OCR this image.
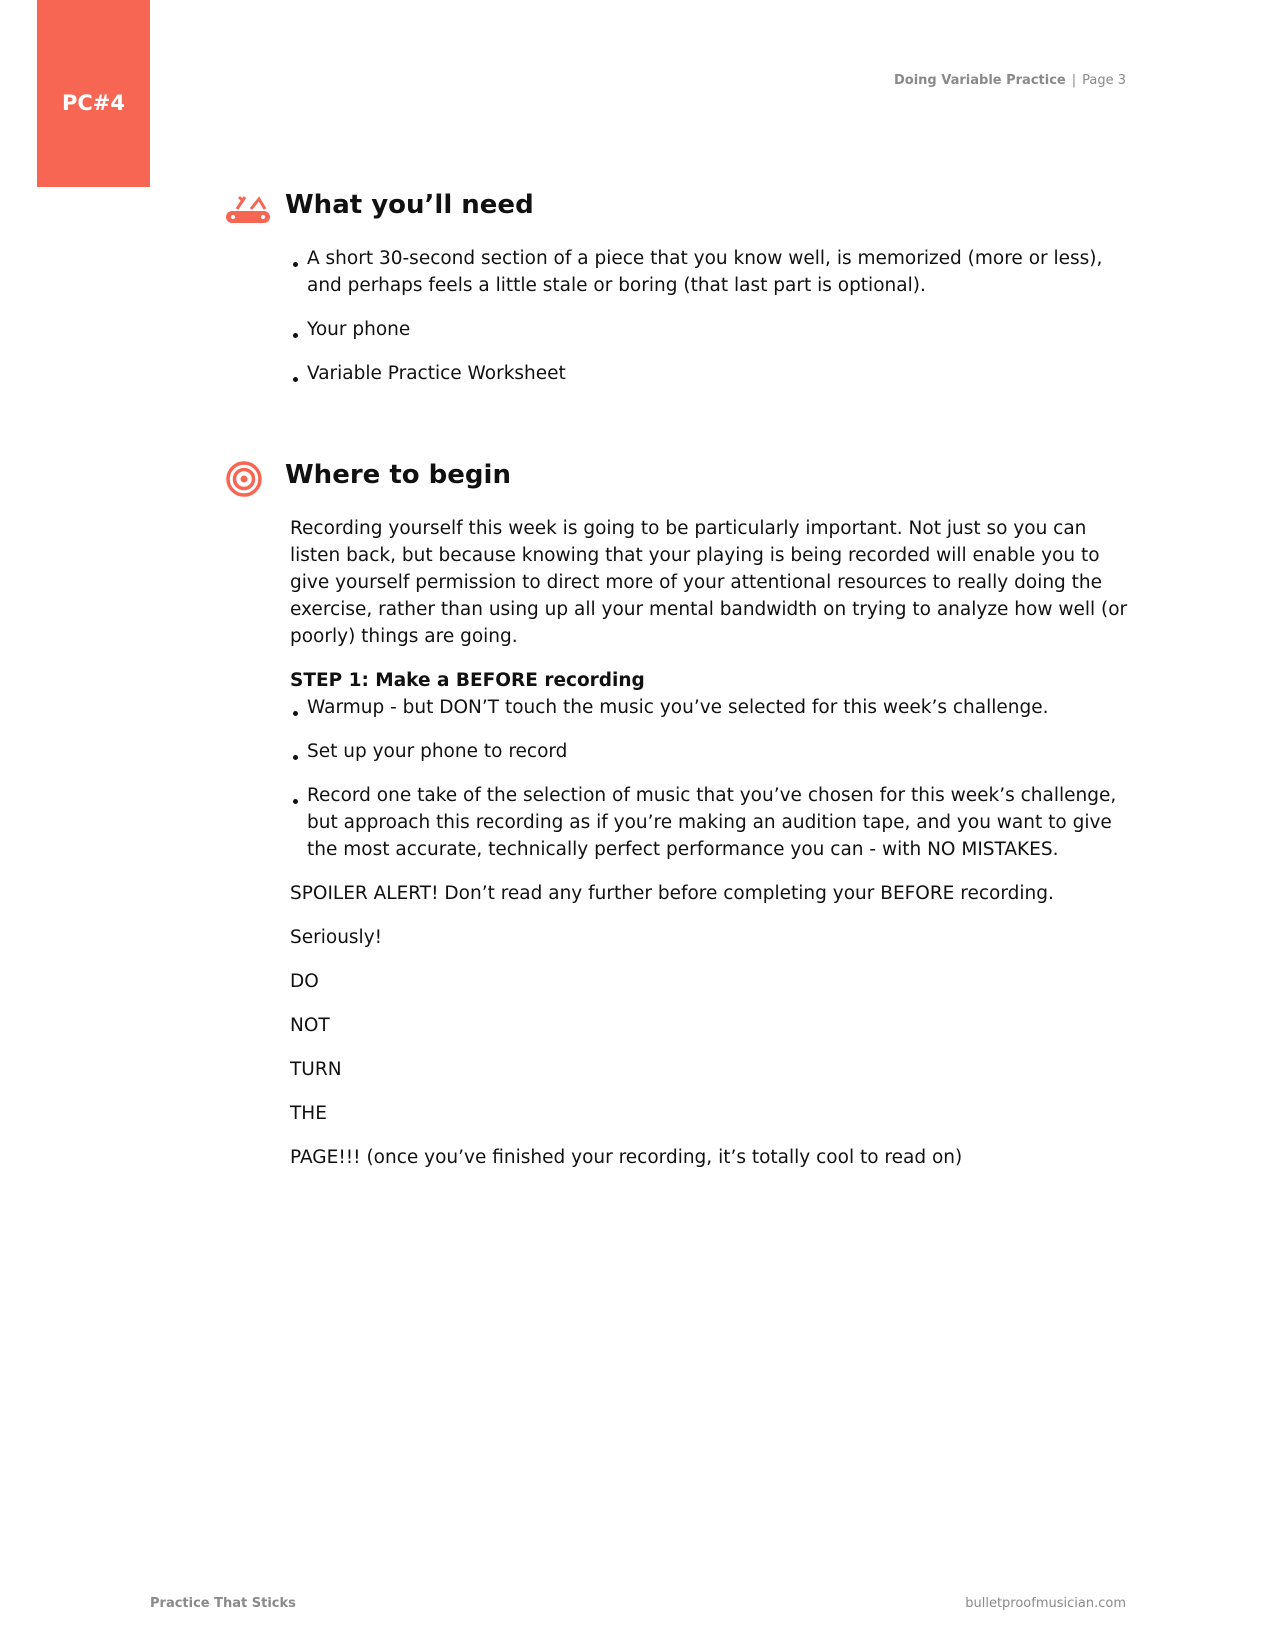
PC#4
Doing Variable Practice | Page 3
What you’ll need
A short 30-second section of a piece that you know well, is memorized (more or less), and perhaps feels a little stale or boring (that last part is optional).
Your phone
Variable Practice Worksheet
Where to begin

Recording yourself this week is going to be particularly important. Not just so you can listen back, but because knowing that your playing is being recorded will enable you to give yourself permission to direct more of your attentional resources to really doing the exercise, rather than using up all your mental bandwidth on trying to analyze how well (or poorly) things are going.

STEP 1: Make a BEFORE recording

Warmup - but DON’T touch the music you’ve selected for this week’s challenge.
Set up your phone to record
Record one take of the selection of music that you’ve chosen for this week’s challenge, but approach this recording as if you’re making an audition tape, and you want to give the most accurate, technically perfect performance you can - with NO MISTAKES.

SPOILER ALERT! Don’t read any further before completing your BEFORE recording.

Seriously!

DO

NOT

TURN

THE

PAGE!!! (once you’ve finished your recording, it’s totally cool to read on)

Practice That Sticks	bulletproofmusician.com
